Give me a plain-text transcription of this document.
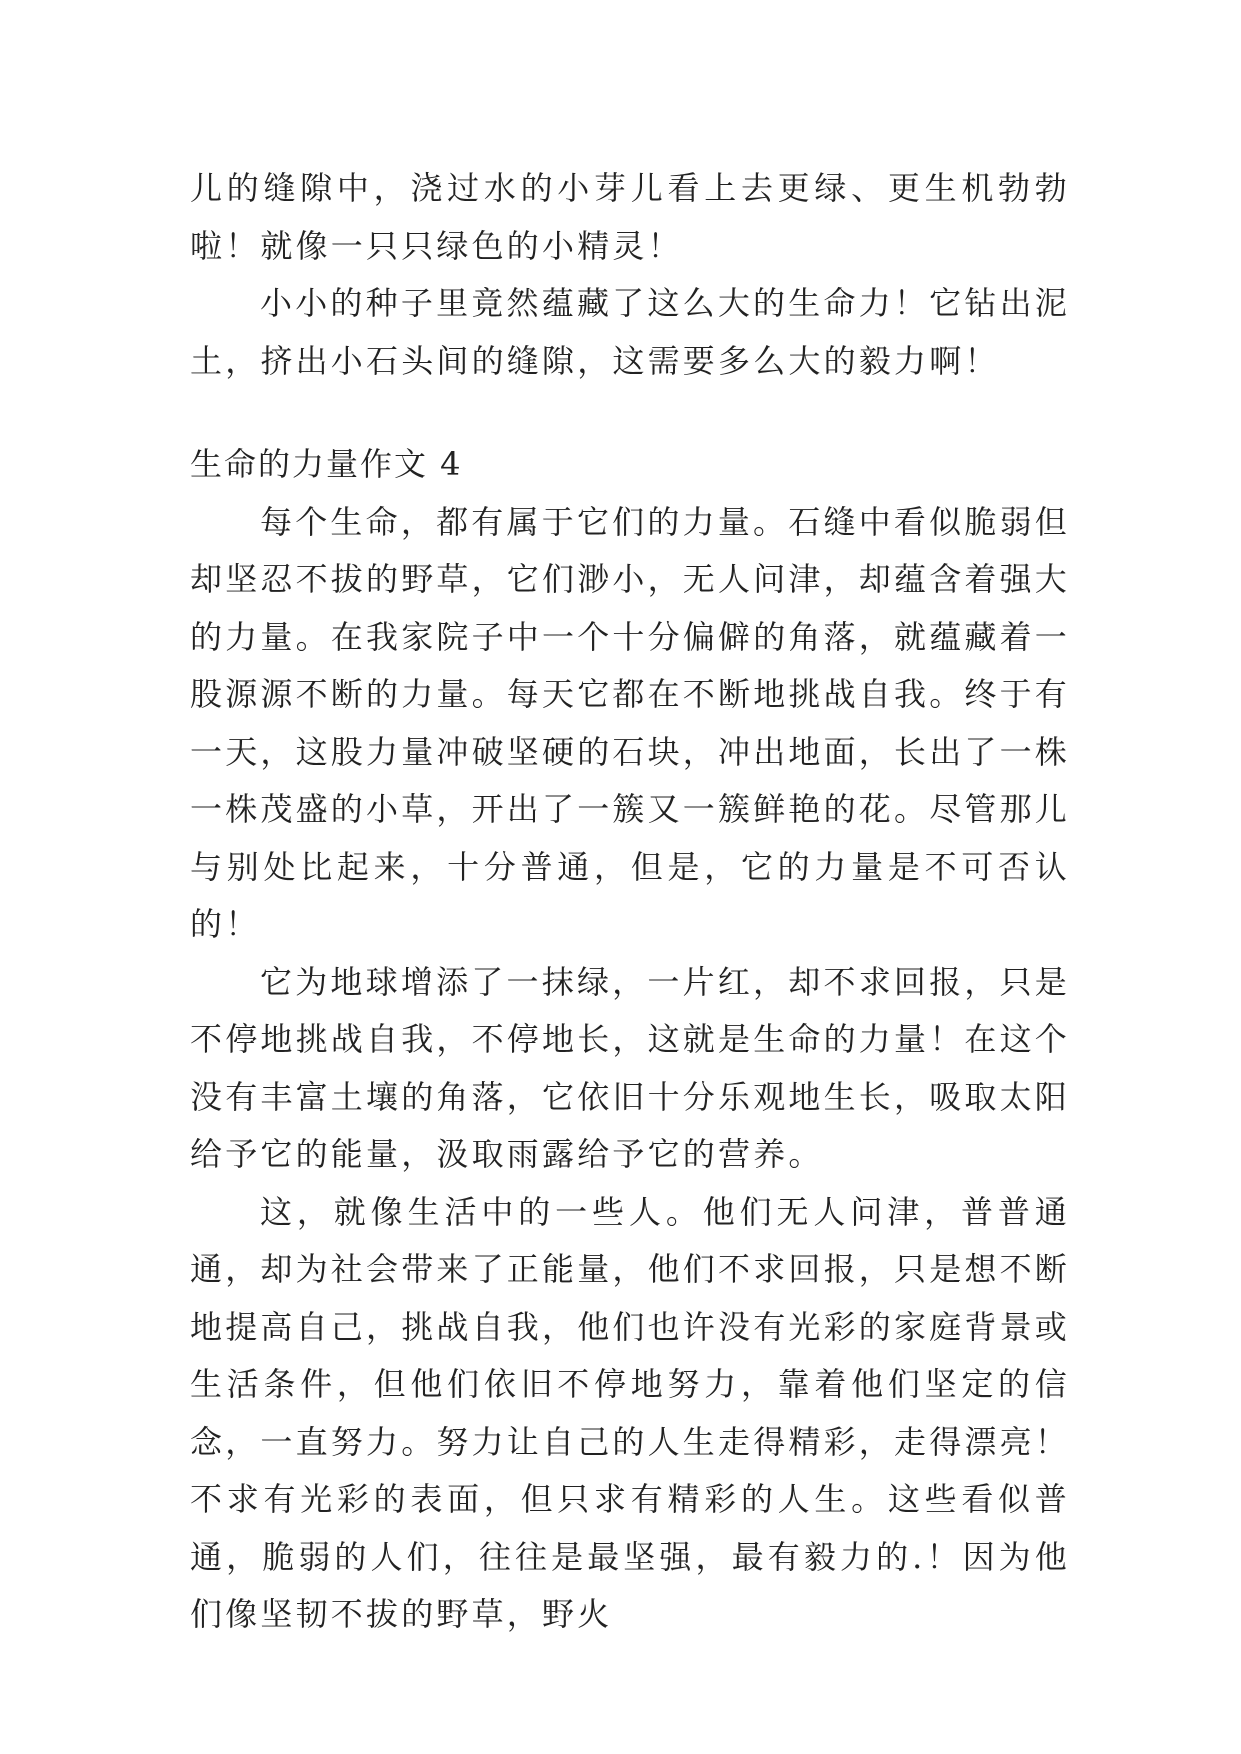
儿的缝隙中，浇过水的小芽儿看上去更绿、更生机勃勃啦！就像一只只绿色的小精灵！

小小的种子里竟然蕴藏了这么大的生命力！它钻出泥土，挤出小石头间的缝隙，这需要多么大的毅力啊！

生命的力量作文 4

每个生命，都有属于它们的力量。石缝中看似脆弱但却坚忍不拔的野草，它们渺小，无人问津，却蕴含着强大的力量。在我家院子中一个十分偏僻的角落，就蕴藏着一股源源不断的力量。每天它都在不断地挑战自我。终于有一天，这股力量冲破坚硬的石块，冲出地面，长出了一株一株茂盛的小草，开出了一簇又一簇鲜艳的花。尽管那儿与别处比起来，十分普通，但是，它的力量是不可否认的！

它为地球增添了一抹绿，一片红，却不求回报，只是不停地挑战自我，不停地长，这就是生命的力量！在这个没有丰富土壤的角落，它依旧十分乐观地生长，吸取太阳给予它的能量，汲取雨露给予它的营养。

这，就像生活中的一些人。他们无人问津，普普通通，却为社会带来了正能量，他们不求回报，只是想不断地提高自己，挑战自我，他们也许没有光彩的家庭背景或生活条件，但他们依旧不停地努力，靠着他们坚定的信念，一直努力。努力让自己的人生走得精彩，走得漂亮！不求有光彩的表面，但只求有精彩的人生。这些看似普通，脆弱的人们，往往是最坚强，最有毅力的.！因为他们像坚韧不拔的野草，野火
